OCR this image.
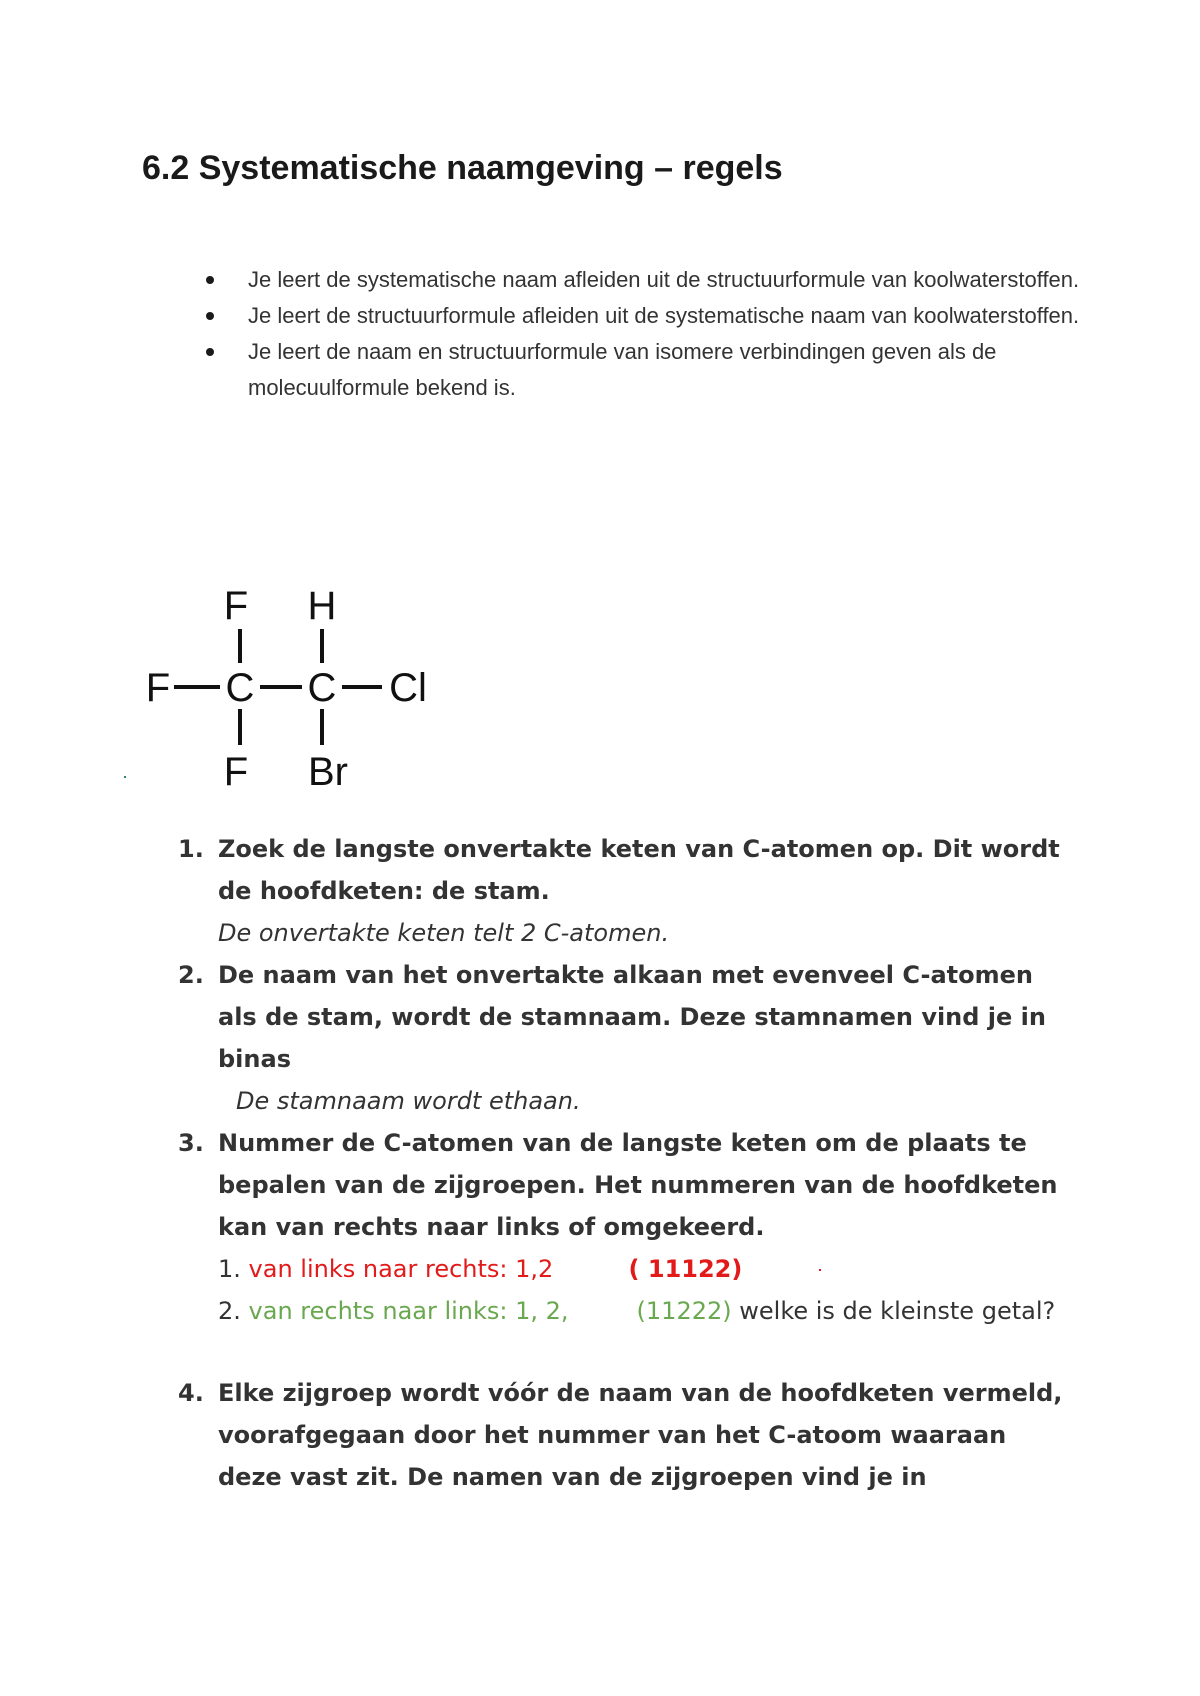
6.2 Systematische naamgeving – regels
Je leert de systematische naam afleiden uit de structuurformule van koolwaterstoffen.
Je leert de structuurformule afleiden uit de systematische naam van koolwaterstoffen.
Je leert de naam en structuurformule van isomere verbindingen geven als de molecuulformule bekend is.
F H
F C C Cl
F Br
1. Zoek de langste onvertakte keten van C-atomen op. Dit wordt de hoofdketen: de stam.
De onvertakte keten telt 2 C-atomen.
2. De naam van het onvertakte alkaan met evenveel C-atomen als de stam, wordt de stamnaam. Deze stamnamen vind je in binas
De stamnaam wordt ethaan.
3. Nummer de C-atomen van de langste keten om de plaats te bepalen van de zijgroepen. Het nummeren van de hoofdketen kan van rechts naar links of omgekeerd.
1. van links naar rechts: 1,2	( 11122)
2. van rechts naar links: 1, 2,	(11222) welke is de kleinste getal?
4. Elke zijgroep wordt vóór de naam van de hoofdketen vermeld, voorafgegaan door het nummer van het C-atoom waaraan deze vast zit. De namen van de zijgroepen vind je in
